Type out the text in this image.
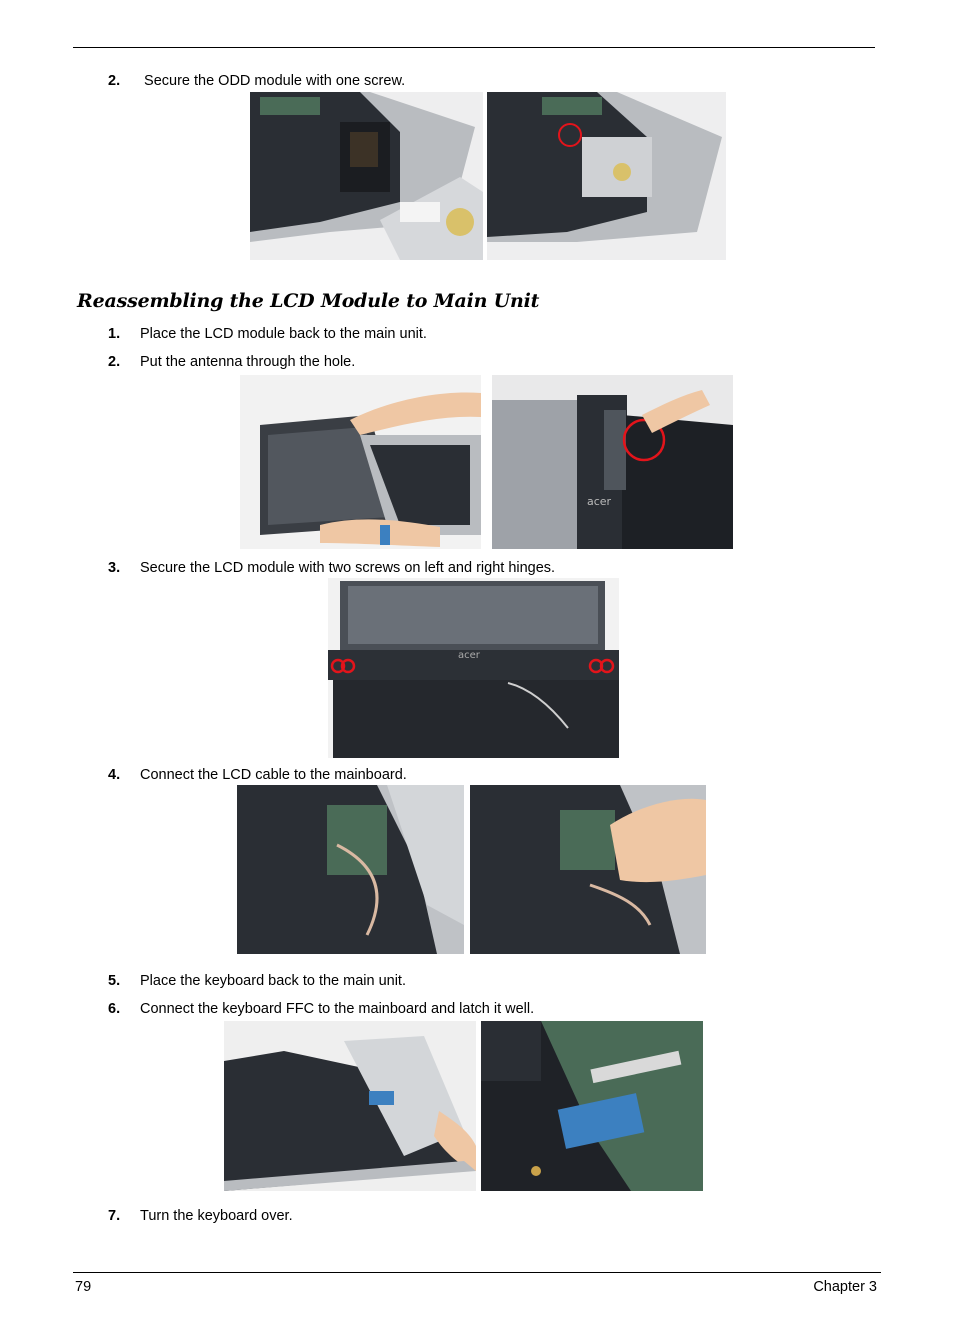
2. Secure the ODD module with one screw.
Reassembling the LCD Module to Main Unit
1. Place the LCD module back to the main unit.
2. Put the antenna through the hole.
acer
3. Secure the LCD module with two screws on left and right hinges.
acer
4. Connect the LCD cable to the mainboard.
5. Place the keyboard back to the main unit.
6. Connect the keyboard FFC to the mainboard and latch it well.
7. Turn the keyboard over.
79	Chapter 3
